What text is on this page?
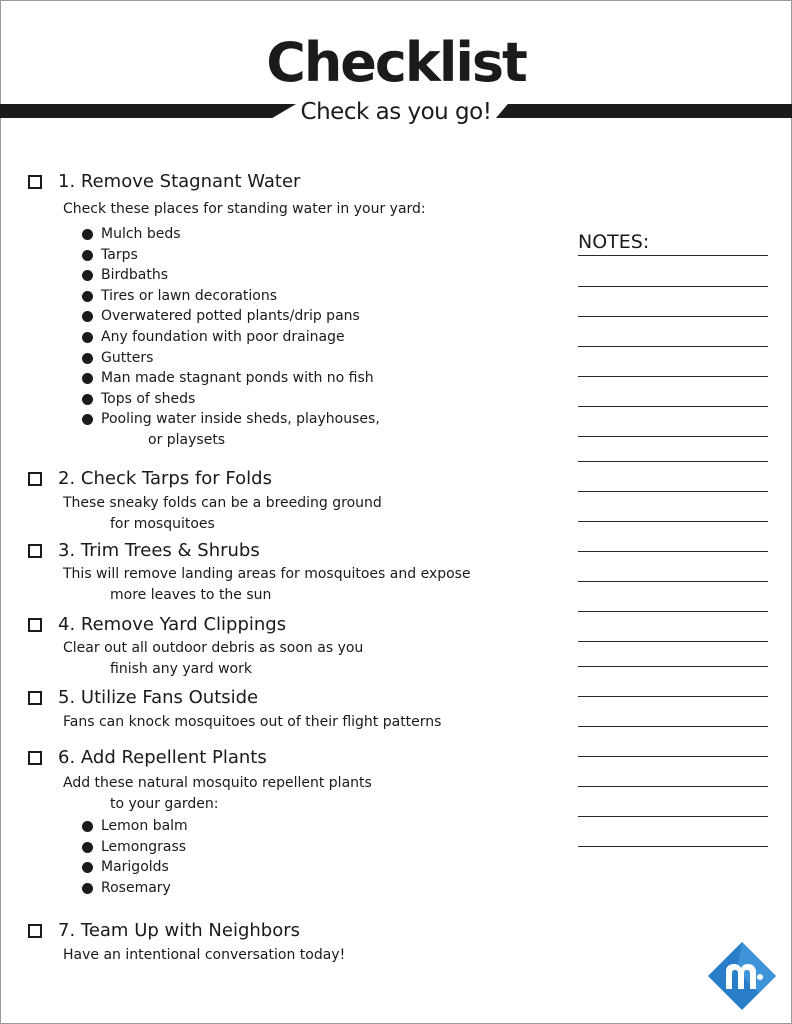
Checklist
Check as you go!
1. Remove Stagnant Water
Check these places for standing water in your yard:
Mulch beds
Tarps
Birdbaths
Tires or lawn decorations
Overwatered potted plants/drip pans
Any foundation with poor drainage
Gutters
Man made stagnant ponds with no fish
Tops of sheds
Pooling water inside sheds, playhouses,
or playsets
2. Check Tarps for Folds
These sneaky folds can be a breeding ground
for mosquitoes
3. Trim Trees & Shrubs
This will remove landing areas for mosquitoes and expose
more leaves to the sun
4. Remove Yard Clippings
Clear out all outdoor debris as soon as you
finish any yard work
5. Utilize Fans Outside
Fans can knock mosquitoes out of their flight patterns
6. Add Repellent Plants
Add these natural mosquito repellent plants
to your garden:
Lemon balm
Lemongrass
Marigolds
Rosemary
7. Team Up with Neighbors
Have an intentional conversation today!
NOTES:
